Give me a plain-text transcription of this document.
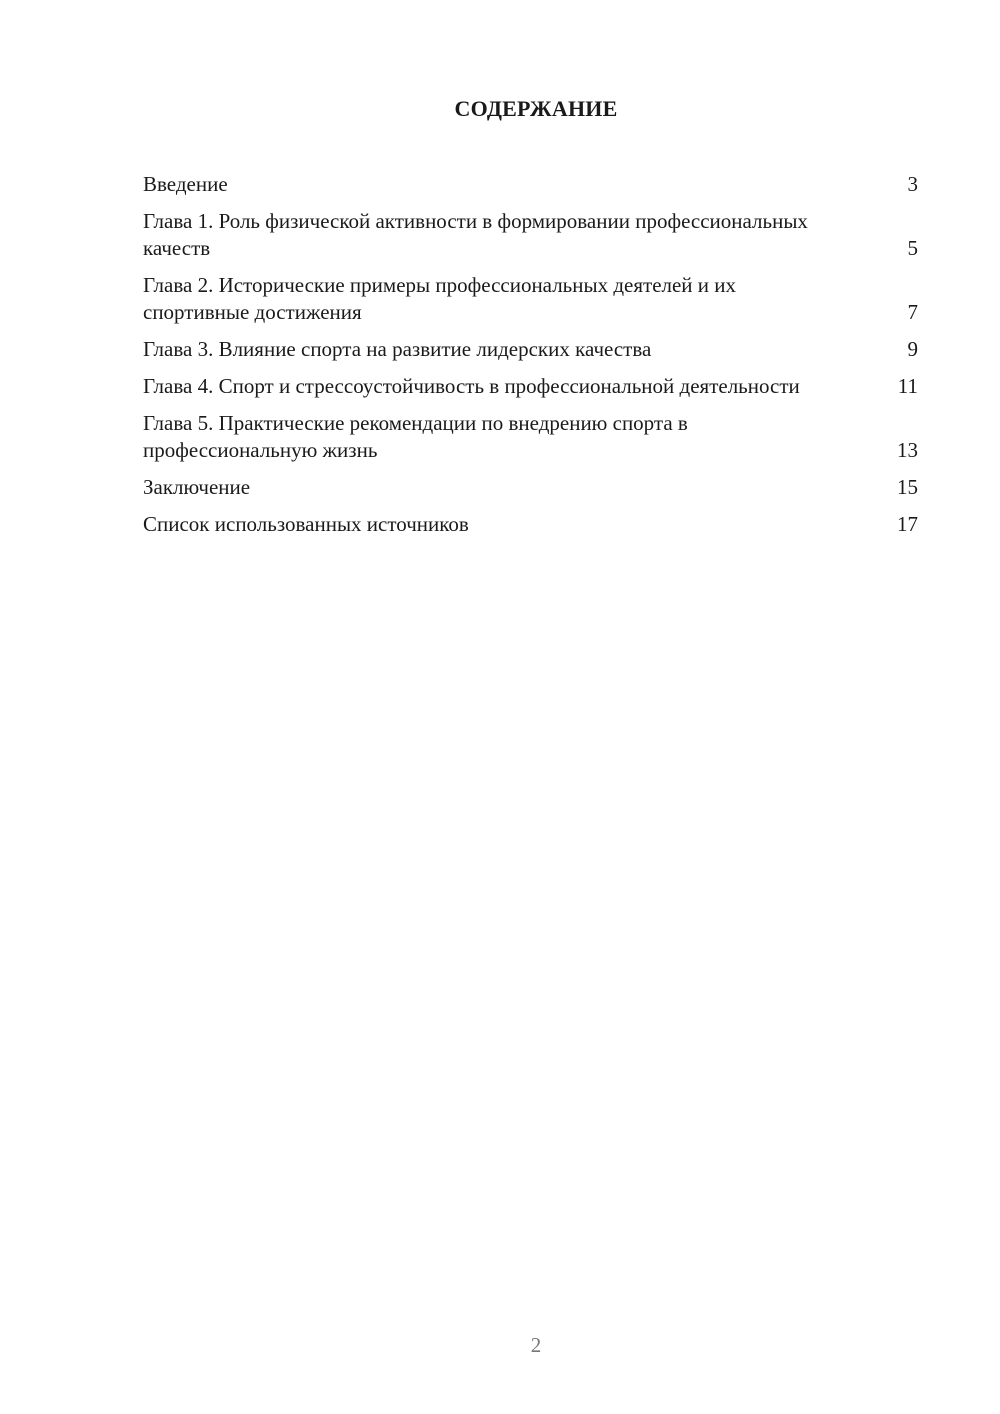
СОДЕРЖАНИЕ
Введение	3
Глава 1. Роль физической активности в формировании профессиональных качеств	5
Глава 2. Исторические примеры профессиональных деятелей и их спортивные достижения	7
Глава 3. Влияние спорта на развитие лидерских качества	9
Глава 4. Спорт и стрессоустойчивость в профессиональной деятельности	11
Глава 5. Практические рекомендации по внедрению спорта в профессиональную жизнь	13
Заключение	15
Список использованных источников	17
2
